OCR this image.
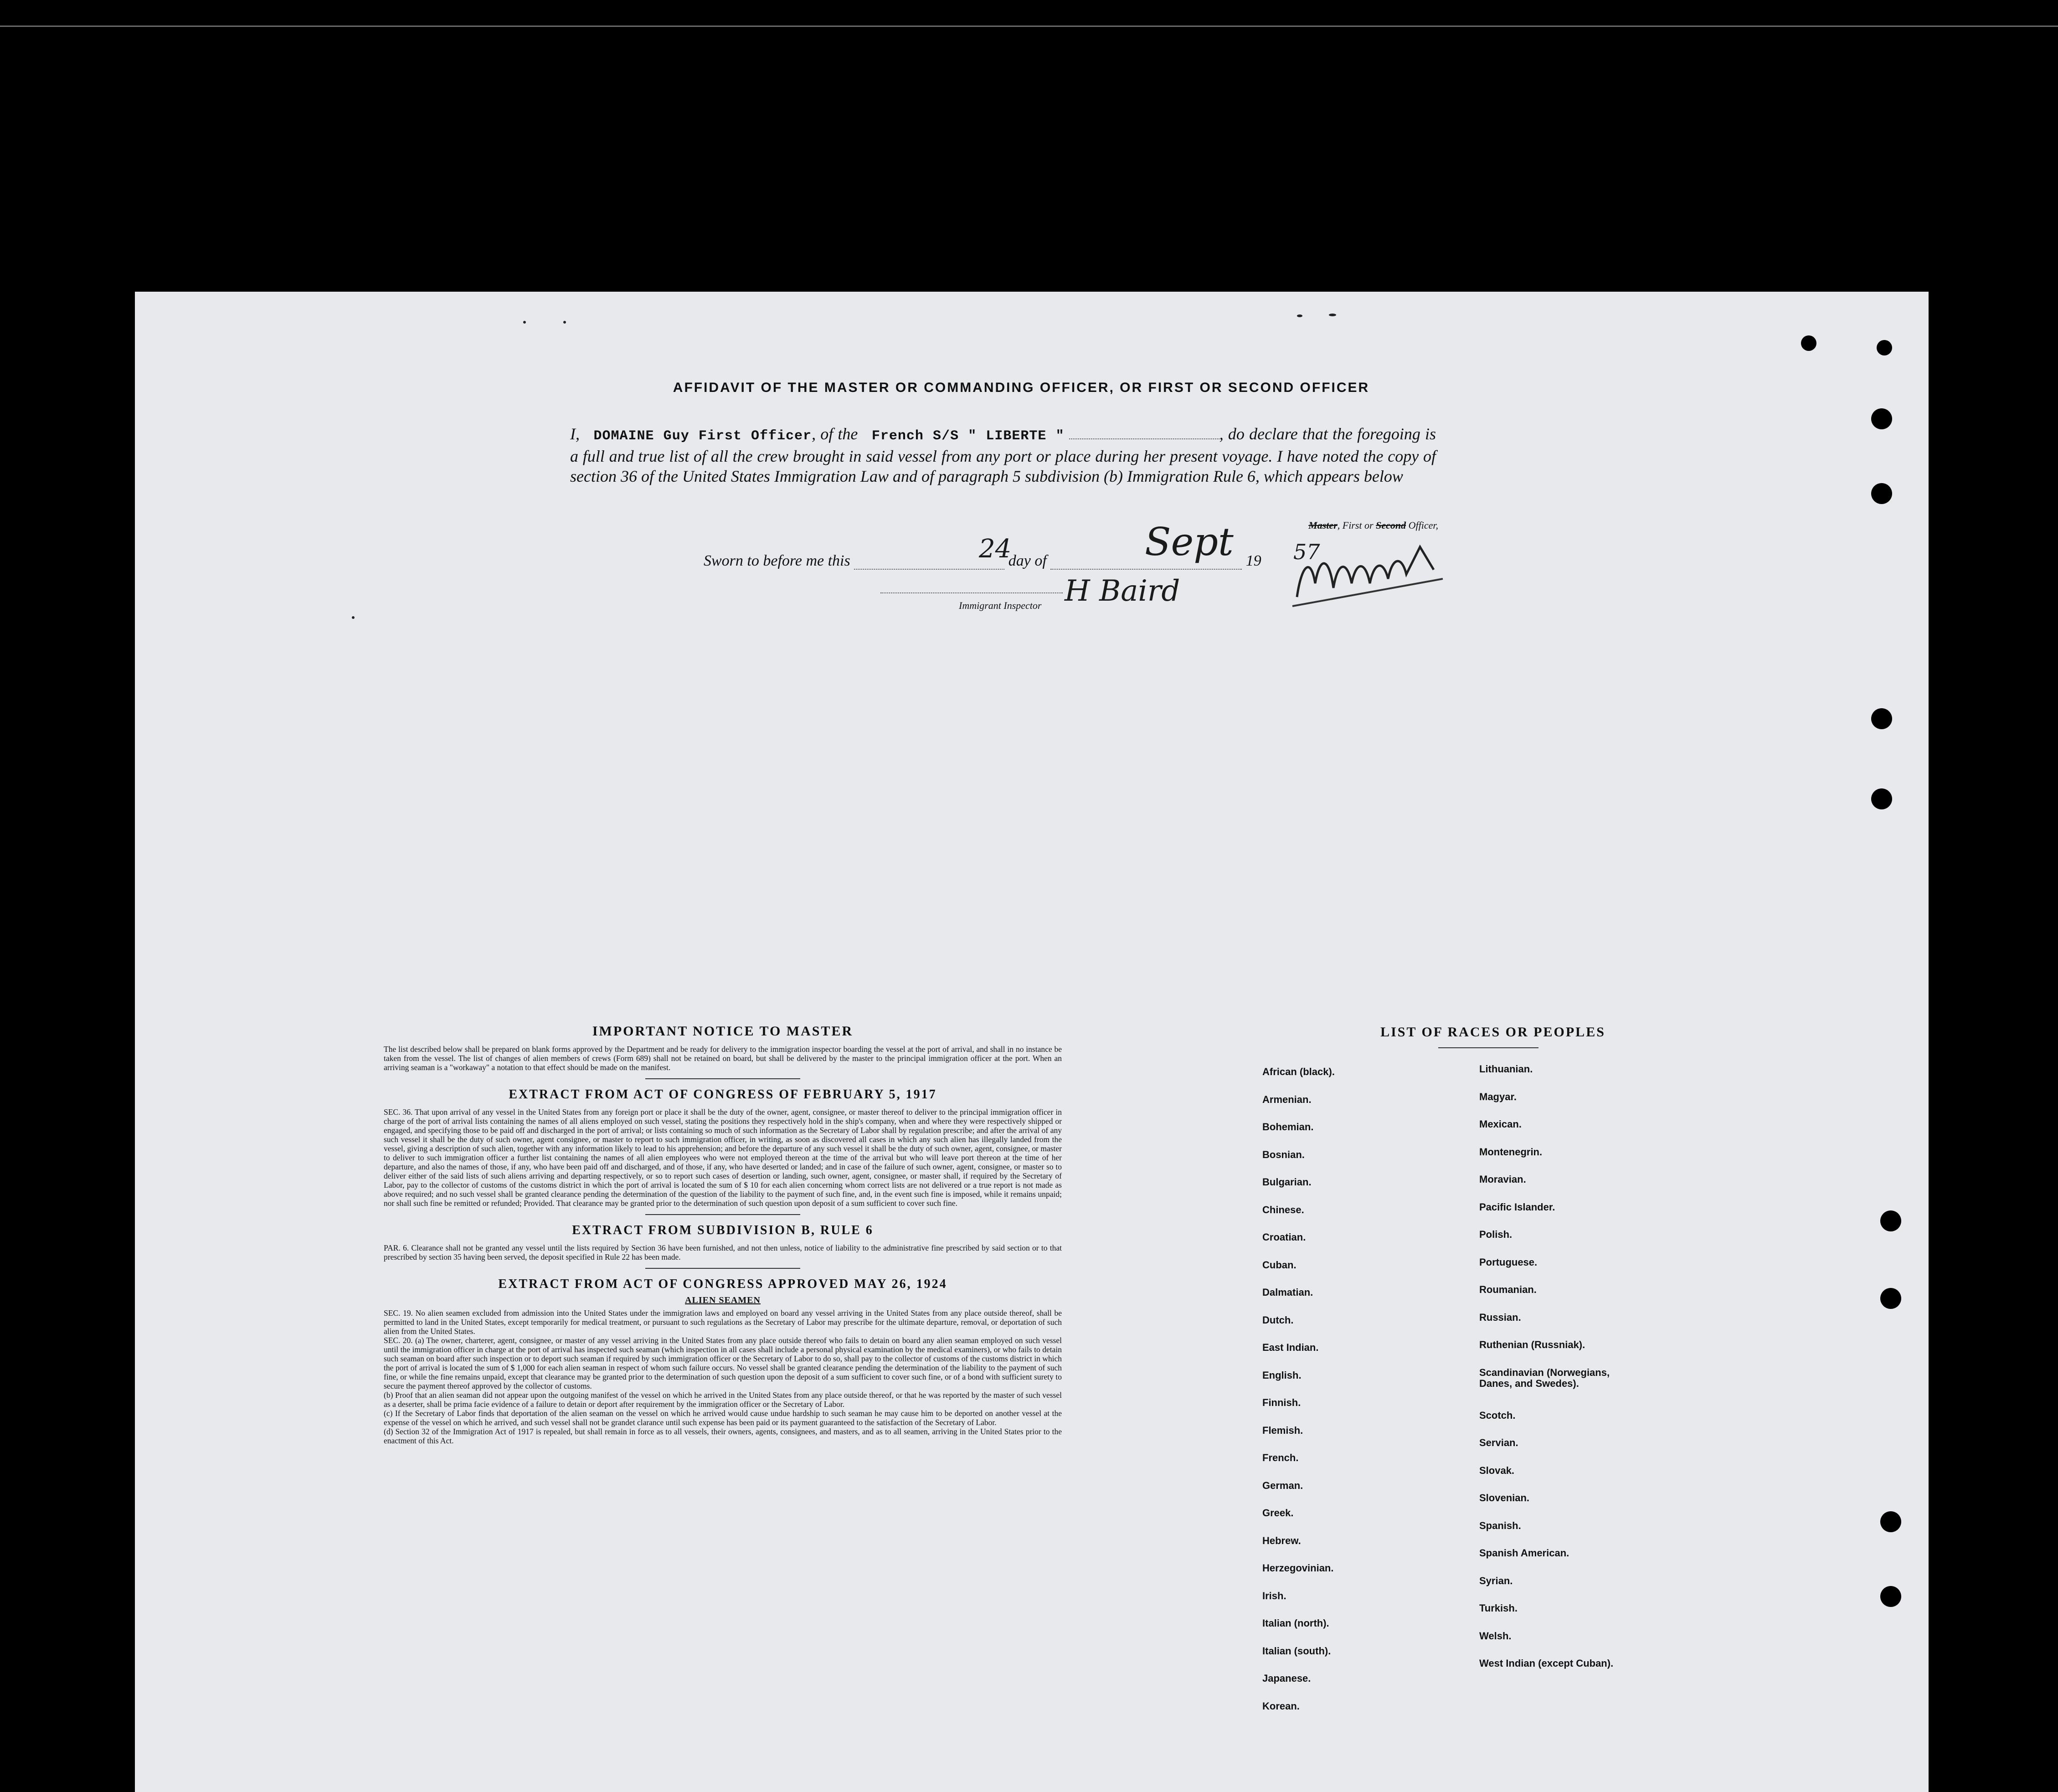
AFFIDAVIT OF THE MASTER OR COMMANDING OFFICER, OR FIRST OR SECOND OFFICER
I, DOMAINE Guy First Officer, of the French S/S " LIBERTE "	, do declare that the foregoing is a full and true list of all the crew brought in said vessel from any port or place during her present voyage. I have noted the copy of section 36 of the United States Immigration Law and of paragraph 5 subdivision (b) Immigration Rule 6, which appears below
Master, First or Second Officer,
Sworn to before me this	day of	19
24	Sept	57
Immigrant Inspector H Baird

IMPORTANT NOTICE TO MASTER

The list described below shall be prepared on blank forms approved by the Department and be ready for delivery to the immigration inspector boarding the vessel at the port of arrival, and shall in no instance be taken from the vessel. The list of changes of alien members of crews (Form 689) shall not be retained on board, but shall be delivered by the master to the principal immigration officer at the port. When an arriving seaman is a "workaway" a notation to that effect should be made on the manifest.

EXTRACT FROM ACT OF CONGRESS OF FEBRUARY 5, 1917

SEC. 36. That upon arrival of any vessel in the United States from any foreign port or place it shall be the duty of the owner, agent, consignee, or master thereof to deliver to the principal immigration officer in charge of the port of arrival lists containing the names of all aliens employed on such vessel, stating the positions they respectively hold in the ship's company, when and where they were respectively shipped or engaged, and specifying those to be paid off and discharged in the port of arrival; or lists containing so much of such information as the Secretary of Labor shall by regulation prescribe; and after the arrival of any such vessel it shall be the duty of such owner, agent consignee, or master to report to such immigration officer, in writing, as soon as discovered all cases in which any such alien has illegally landed from the vessel, giving a description of such alien, together with any information likely to lead to his apprehension; and before the departure of any such vessel it shall be the duty of such owner, agent, consignee, or master to deliver to such immigration officer a further list containing the names of all alien employees who were not employed thereon at the time of the arrival but who will leave port thereon at the time of her departure, and also the names of those, if any, who have been paid off and discharged, and of those, if any, who have deserted or landed; and in case of the failure of such owner, agent, consignee, or master so to deliver either of the said lists of such aliens arriving and departing respectively, or so to report such cases of desertion or landing, such owner, agent, consignee, or master shall, if required by the Secretary of Labor, pay to the collector of customs of the customs district in which the port of arrival is located the sum of $ 10 for each alien concerning whom correct lists are not delivered or a true report is not made as above required; and no such vessel shall be granted clearance pending the determination of the question of the liability to the payment of such fine, and, in the event such fine is imposed, while it remains unpaid; nor shall such fine be remitted or refunded; Provided. That clearance may be granted prior to the determination of such question upon deposit of a sum sufficient to cover such fine.

EXTRACT FROM SUBDIVISION B, RULE 6

PAR. 6. Clearance shall not be granted any vessel until the lists required by Section 36 have been furnished, and not then unless, notice of liability to the administrative fine prescribed by said section or to that prescribed by section 35 having been served, the deposit specified in Rule 22 has been made.

EXTRACT FROM ACT OF CONGRESS APPROVED MAY 26, 1924

ALIEN SEAMEN

SEC. 19. No alien seamen excluded from admission into the United States under the immigration laws and employed on board any vessel arriving in the United States from any place outside thereof, shall be permitted to land in the United States, except temporarily for medical treatment, or pursuant to such regulations as the Secretary of Labor may prescribe for the ultimate departure, removal, or deportation of such alien from the United States.

SEC. 20. (a) The owner, charterer, agent, consignee, or master of any vessel arriving in the United States from any place outside thereof who fails to detain on board any alien seaman employed on such vessel until the immigration officer in charge at the port of arrival has inspected such seaman (which inspection in all cases shall include a personal physical examination by the medical examiners), or who fails to detain such seaman on board after such inspection or to deport such seaman if required by such immigration officer or the Secretary of Labor to do so, shall pay to the collector of customs of the customs district in which the port of arrival is located the sum of $ 1,000 for each alien seaman in respect of whom such failure occurs. No vessel shall be granted clearance pending the determination of the liability to the payment of such fine, or while the fine remains unpaid, except that clearance may be granted prior to the determination of such question upon the deposit of a sum sufficient to cover such fine, or of a bond with sufficient surety to secure the payment thereof approved by the collector of customs.

(b) Proof that an alien seaman did not appear upon the outgoing manifest of the vessel on which he arrived in the United States from any place outside thereof, or that he was reported by the master of such vessel as a deserter, shall be prima facie evidence of a failure to detain or deport after requirement by the immigration officer or the Secretary of Labor.

(c) If the Secretary of Labor finds that deportation of the alien seaman on the vessel on which he arrived would cause undue hardship to such seaman he may cause him to be deported on another vessel at the expense of the vessel on which he arrived, and such vessel shall not be grandet clarance until such expense has been paid or its payment guaranteed to the satisfaction of the Secretary of Labor.

(d) Section 32 of the Immigration Act of 1917 is repealed, but shall remain in force as to all vessels, their owners, agents, consignees, and masters, and as to all seamen, arriving in the United States prior to the enactment of this Act.

LIST OF RACES OR PEOPLES
African (black).
Armenian.
Bohemian.
Bosnian.
Bulgarian.
Chinese.
Croatian.
Cuban.
Dalmatian.
Dutch.
East Indian.
English.
Finnish.
Flemish.
French.
German.
Greek.
Hebrew.
Herzegovinian.
Irish.
Italian (north).
Italian (south).
Japanese.
Korean.
Lithuanian.
Magyar.
Mexican.
Montenegrin.
Moravian.
Pacific Islander.
Polish.
Portuguese.
Roumanian.
Russian.
Ruthenian (Russniak).
Scandinavian (Norwegians, Danes, and Swedes).
Scotch.
Servian.
Slovak.
Slovenian.
Spanish.
Spanish American.
Syrian.
Turkish.
Welsh.
West Indian (except Cuban).
